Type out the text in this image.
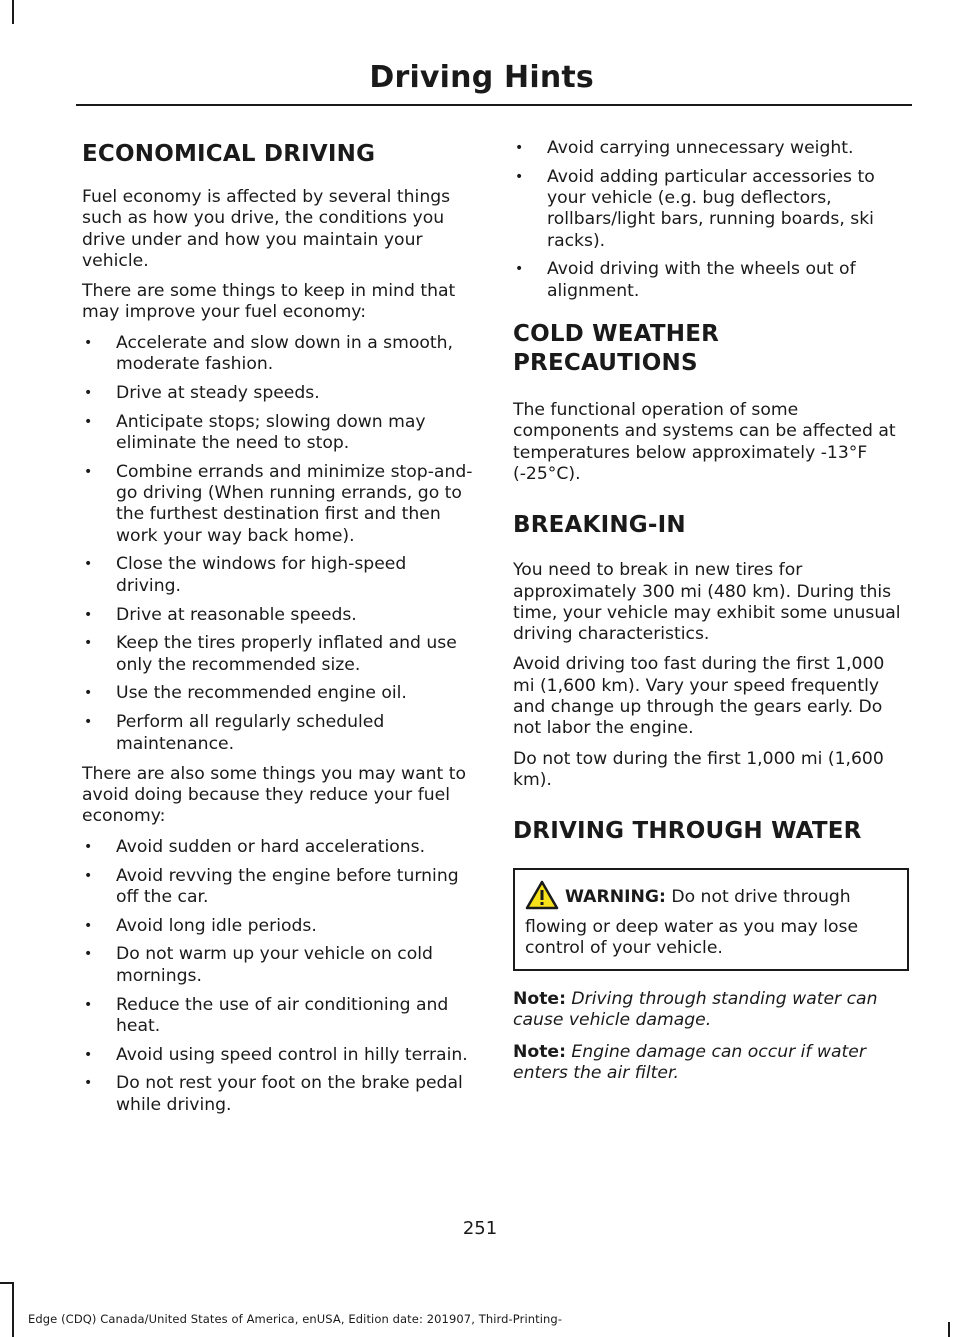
Driving Hints
ECONOMICAL DRIVING

Fuel economy is affected by several things such as how you drive, the conditions you drive under and how you maintain your vehicle.

There are some things to keep in mind that may improve your fuel economy:

• Accelerate and slow down in a smooth, moderate fashion.
• Drive at steady speeds.
• Anticipate stops; slowing down may eliminate the need to stop.
• Combine errands and minimize stop-and-go driving (When running errands, go to the furthest destination first and then work your way back home).
• Close the windows for high-speed driving.
• Drive at reasonable speeds.
• Keep the tires properly inflated and use only the recommended size.
• Use the recommended engine oil.
• Perform all regularly scheduled maintenance.

There are also some things you may want to avoid doing because they reduce your fuel economy:

• Avoid sudden or hard accelerations.
• Avoid revving the engine before turning off the car.
• Avoid long idle periods.
• Do not warm up your vehicle on cold mornings.
• Reduce the use of air conditioning and heat.
• Avoid using speed control in hilly terrain.
• Do not rest your foot on the brake pedal while driving.
• Avoid carrying unnecessary weight.
• Avoid adding particular accessories to your vehicle (e.g. bug deflectors, rollbars/light bars, running boards, ski racks).
• Avoid driving with the wheels out of alignment.
COLD WEATHER
PRECAUTIONS

The functional operation of some components and systems can be affected at temperatures below approximately -13°F (-25°C).

BREAKING-IN

You need to break in new tires for approximately 300 mi (480 km). During this time, your vehicle may exhibit some unusual driving characteristics.

Avoid driving too fast during the first 1,000 mi (1,600 km). Vary your speed frequently and change up through the gears early. Do not labor the engine.

Do not tow during the first 1,000 mi (1,600 km).

DRIVING THROUGH WATER
WARNING: Do not drive through flowing or deep water as you may lose control of your vehicle.
Note: Driving through standing water can cause vehicle damage.
Note: Engine damage can occur if water enters the air filter.
251
Edge (CDQ) Canada/United States of America, enUSA, Edition date: 201907, Third-Printing-
